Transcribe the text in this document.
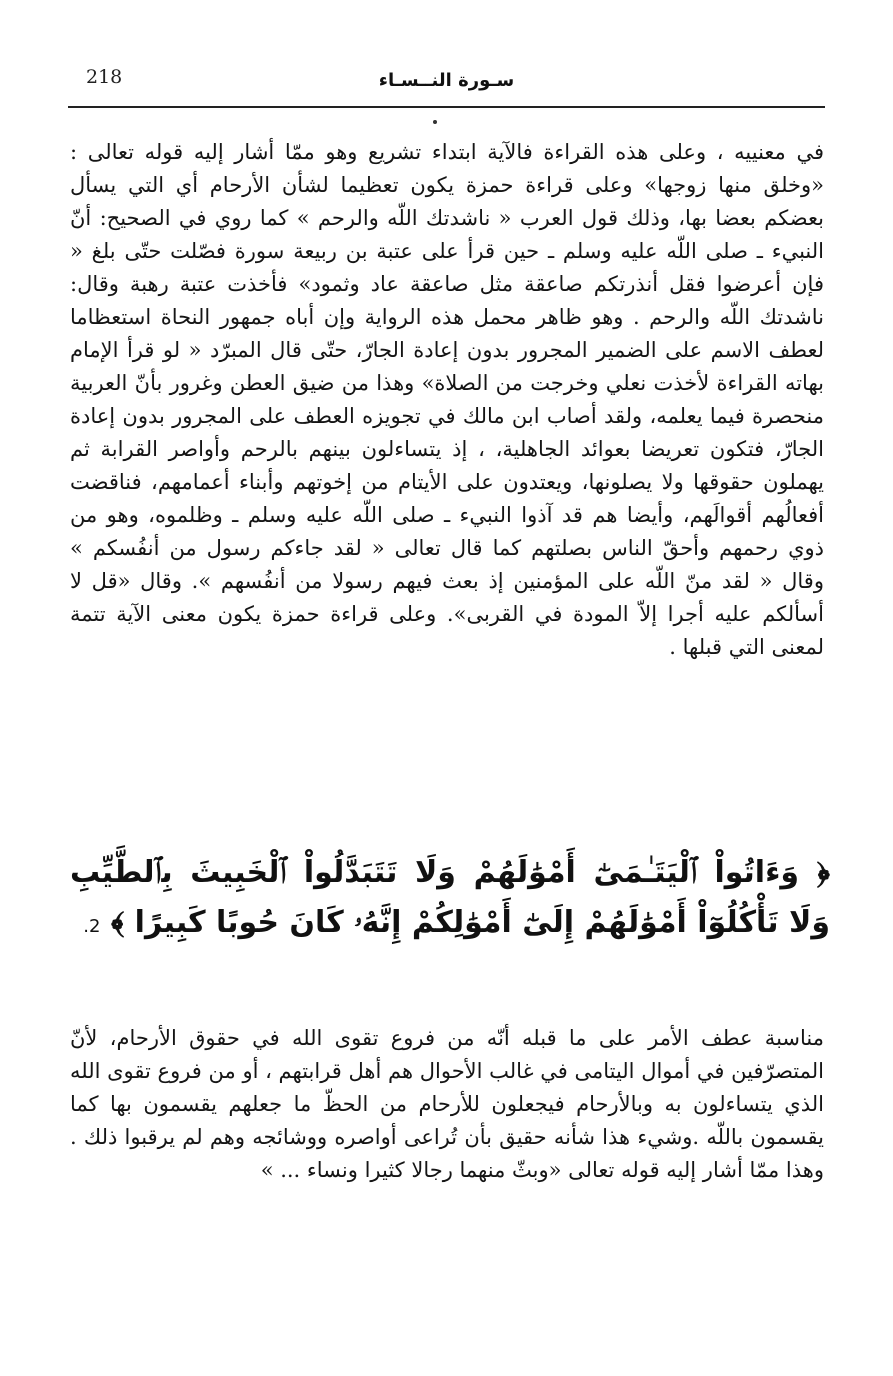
218	سـورة النــسـاء
في معنييه ، وعلى هذه القراءة فالآية ابتداء تشريع وهو ممّا أشار إليه قوله تعالى : «وخلق منها زوجها» وعلى قراءة حمزة يكون تعظيما لشأن الأرحام أي التي يسأل بعضكم بعضا بها، وذلك قول العرب « ناشدتك اللّه والرحم » كما روي في الصحيح: أنّ النبيء ـ صلى اللّه عليه وسلم ـ حين قرأ على عتبة بن ربيعة سورة فصّلت حتّى بلغ « فإن أعرضوا فقل أنذرتكم صاعقة مثل صاعقة عاد وثمود» فأخذت عتبة رهبة وقال: ناشدتك اللّه والرحم . وهو ظاهر محمل هذه الرواية وإن أباه جمهور النحاة استعظاما لعطف الاسم على الضمير المجرور بدون إعادة الجارّ، حتّى قال المبرّد « لو قرأ الإمام بهاته القراءة لأخذت نعلي وخرجت من الصلاة» وهذا من ضيق العطن وغرور بأنّ العربية منحصرة فيما يعلمه، ولقد أصاب ابن مالك في تجويزه العطف على المجرور بدون إعادة الجارّ، فتكون تعريضا بعوائد الجاهلية، ، إذ يتساءلون بينهم بالرحم وأواصر القرابة ثم يهملون حقوقها ولا يصلونها، ويعتدون على الأيتام من إخوتهم وأبناء أعمامهم، فناقضت أفعالُهم أقوالَهم، وأيضا هم قد آذوا النبيء ـ صلى اللّه عليه وسلم ـ وظلموه، وهو من ذوي رحمهم وأحقّ الناس بصلتهم كما قال تعالى « لقد جاءكم رسول من أنفُسكم » وقال « لقد منّ اللّه على المؤمنين إذ بعث فيهم رسولا من أنفُسهم ». وقال «قل لا أسألكم عليه أجرا إلاّ المودة في القربى». وعلى قراءة حمزة يكون معنى الآية تتمة لمعنى التي قبلها .
﴿ وَءَاتُواْ ٱلْيَتَـٰمَىٰٓ أَمْوَٰلَهُمْ وَلَا تَتَبَدَّلُواْ ٱلْخَبِيثَ بِٱلطَّيِّبِ وَلَا تَأْكُلُوٓاْ أَمْوَٰلَهُمْ إِلَىٰٓ أَمْوَٰلِكُمْ إِنَّهُۥ كَانَ حُوبًا كَبِيرًا ﴾ 2.
مناسبة عطف الأمر على ما قبله أنّه من فروع تقوى الله في حقوق الأرحام، لأنّ المتصرّفين في أموال اليتامى في غالب الأحوال هم أهل قرابتهم ، أو من فروع تقوى الله الذي يتساءلون به وبالأرحام فيجعلون للأرحام من الحظّ ما جعلهم يقسمون بها كما يقسمون باللّه .وشيء هذا شأنه حقيق بأن تُراعى أواصره ووشائجه وهم لم يرقبوا ذلك . وهذا ممّا أشار إليه قوله تعالى «وبثّ منهما رجالا كثيرا ونساء ... »
